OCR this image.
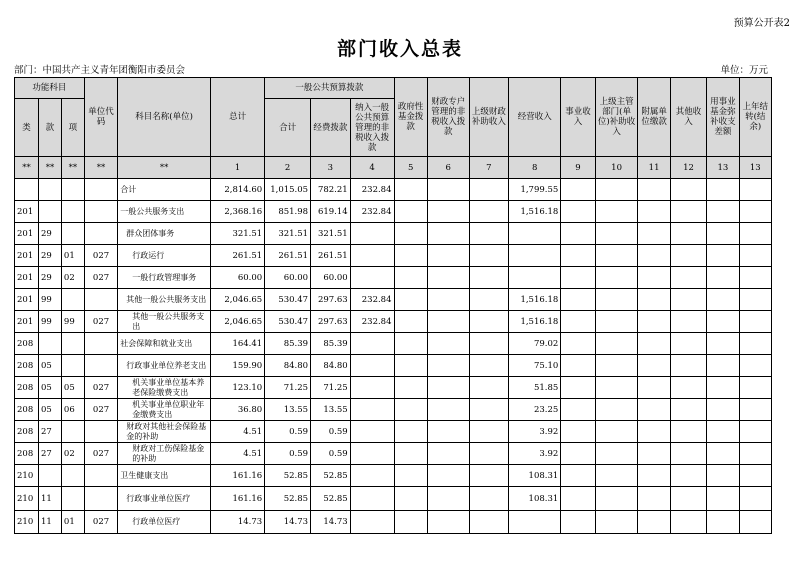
预算公开表2
部门收入总表
部门：中国共产主义青年团衡阳市委员会	单位：万元
功能科目			单位代码	科目名称(单位)	总计	一般公共预算拨款			政府性基金拨款	财政专户管理的非税收入拨款	上级财政补助收入	经营收入	事业收入	上级主管部门(单位)补助收入	附属单位缴款	其他收入	用事业基金弥补收支差额	上年结转(结余)
类	款	项				合计	经费拨款	纳入一般公共预算管理的非税收入拨款										
**	**	**	**	**	1	2	3	4	5	6	7	8	9	10	11	12	13	13
				合计	2,814.60	1,015.05	782.21	232.84				1,799.55						
201				一般公共服务支出	2,368.16	851.98	619.14	232.84				1,516.18						
201	29			群众团体事务	321.51	321.51	321.51											
201	29	01	027	行政运行	261.51	261.51	261.51											
201	29	02	027	一般行政管理事务	60.00	60.00	60.00											
201	99			其他一般公共服务支出	2,046.65	530.47	297.63	232.84				1,516.18						
201	99	99	027	其他一般公共服务支出	2,046.65	530.47	297.63	232.84				1,516.18						
208				社会保障和就业支出	164.41	85.39	85.39					79.02						
208	05			行政事业单位养老支出	159.90	84.80	84.80					75.10						
208	05	05	027	机关事业单位基本养老保险缴费支出	123.10	71.25	71.25					51.85						
208	05	06	027	机关事业单位职业年金缴费支出	36.80	13.55	13.55					23.25						
208	27			财政对其他社会保险基金的补助	4.51	0.59	0.59					3.92						
208	27	02	027	财政对工伤保险基金的补助	4.51	0.59	0.59					3.92						
210				卫生健康支出	161.16	52.85	52.85					108.31						
210	11			行政事业单位医疗	161.16	52.85	52.85					108.31						
210	11	01	027	行政单位医疗	14.73	14.73	14.73											
